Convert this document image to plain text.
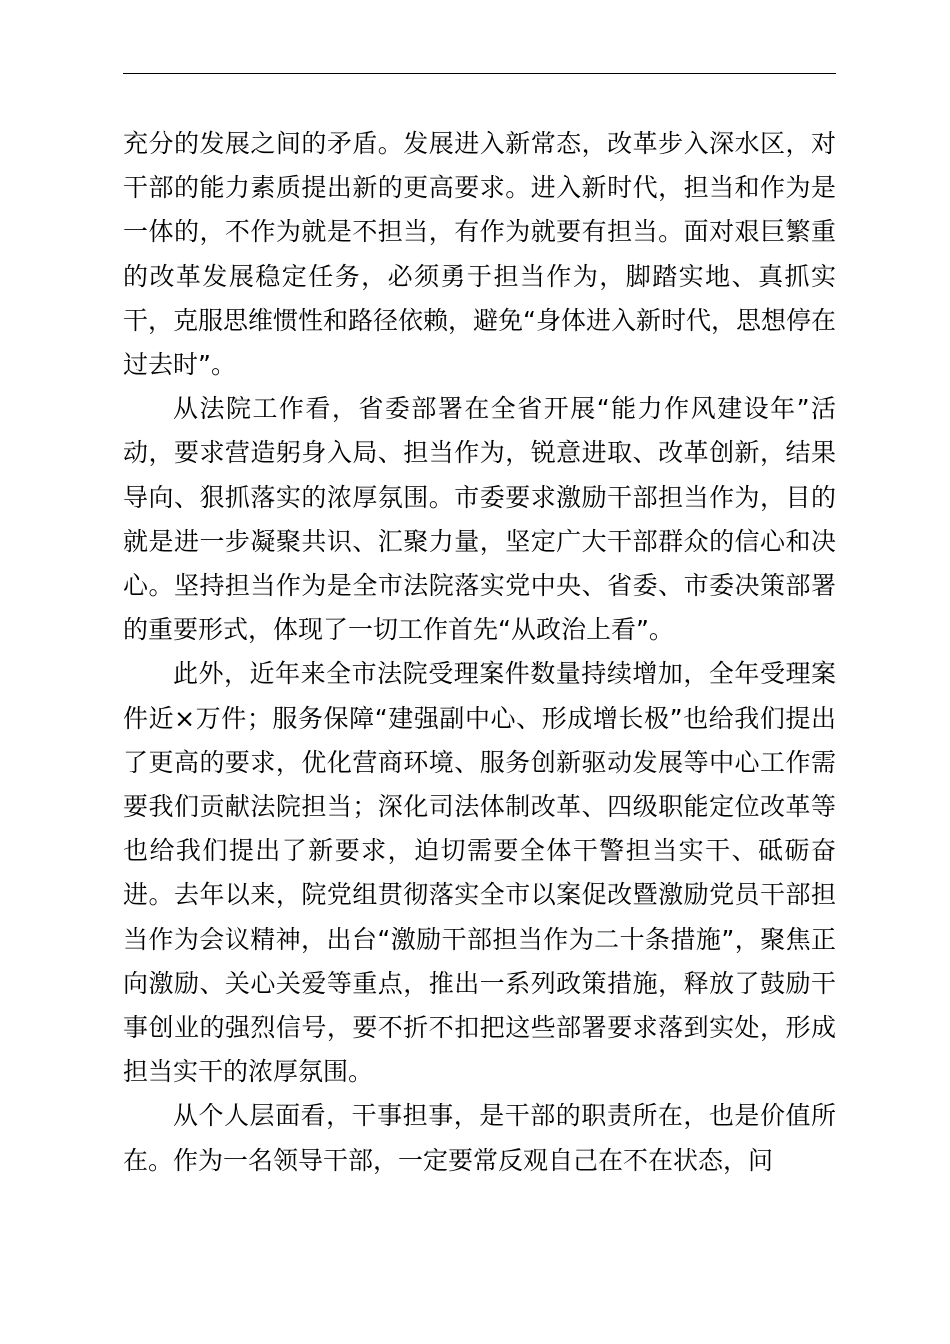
充分的发展之间的矛盾。发展进入新常态，改革步入深水区，对干部的能力素质提出新的更高要求。进入新时代，担当和作为是一体的，不作为就是不担当，有作为就要有担当。面对艰巨繁重的改革发展稳定任务，必须勇于担当作为，脚踏实地、真抓实干，克服思维惯性和路径依赖，避免“身体进入新时代，思想停在过去时”。

从法院工作看，省委部署在全省开展“能力作风建设年”活动，要求营造躬身入局、担当作为，锐意进取、改革创新，结果导向、狠抓落实的浓厚氛围。市委要求激励干部担当作为，目的就是进一步凝聚共识、汇聚力量，坚定广大干部群众的信心和决心。坚持担当作为是全市法院落实党中央、省委、市委决策部署的重要形式，体现了一切工作首先“从政治上看”。

此外，近年来全市法院受理案件数量持续增加，全年受理案件近×万件；服务保障“建强副中心、形成增长极”也给我们提出了更高的要求，优化营商环境、服务创新驱动发展等中心工作需要我们贡献法院担当；深化司法体制改革、四级职能定位改革等也给我们提出了新要求，迫切需要全体干警担当实干、砥砺奋进。去年以来，院党组贯彻落实全市以案促改暨激励党员干部担当作为会议精神，出台“激励干部担当作为二十条措施”，聚焦正向激励、关心关爱等重点，推出一系列政策措施，释放了鼓励干事创业的强烈信号，要不折不扣把这些部署要求落到实处，形成担当实干的浓厚氛围。

从个人层面看，干事担事，是干部的职责所在，也是价值所在。作为一名领导干部，一定要常反观自己在不在状态，问
